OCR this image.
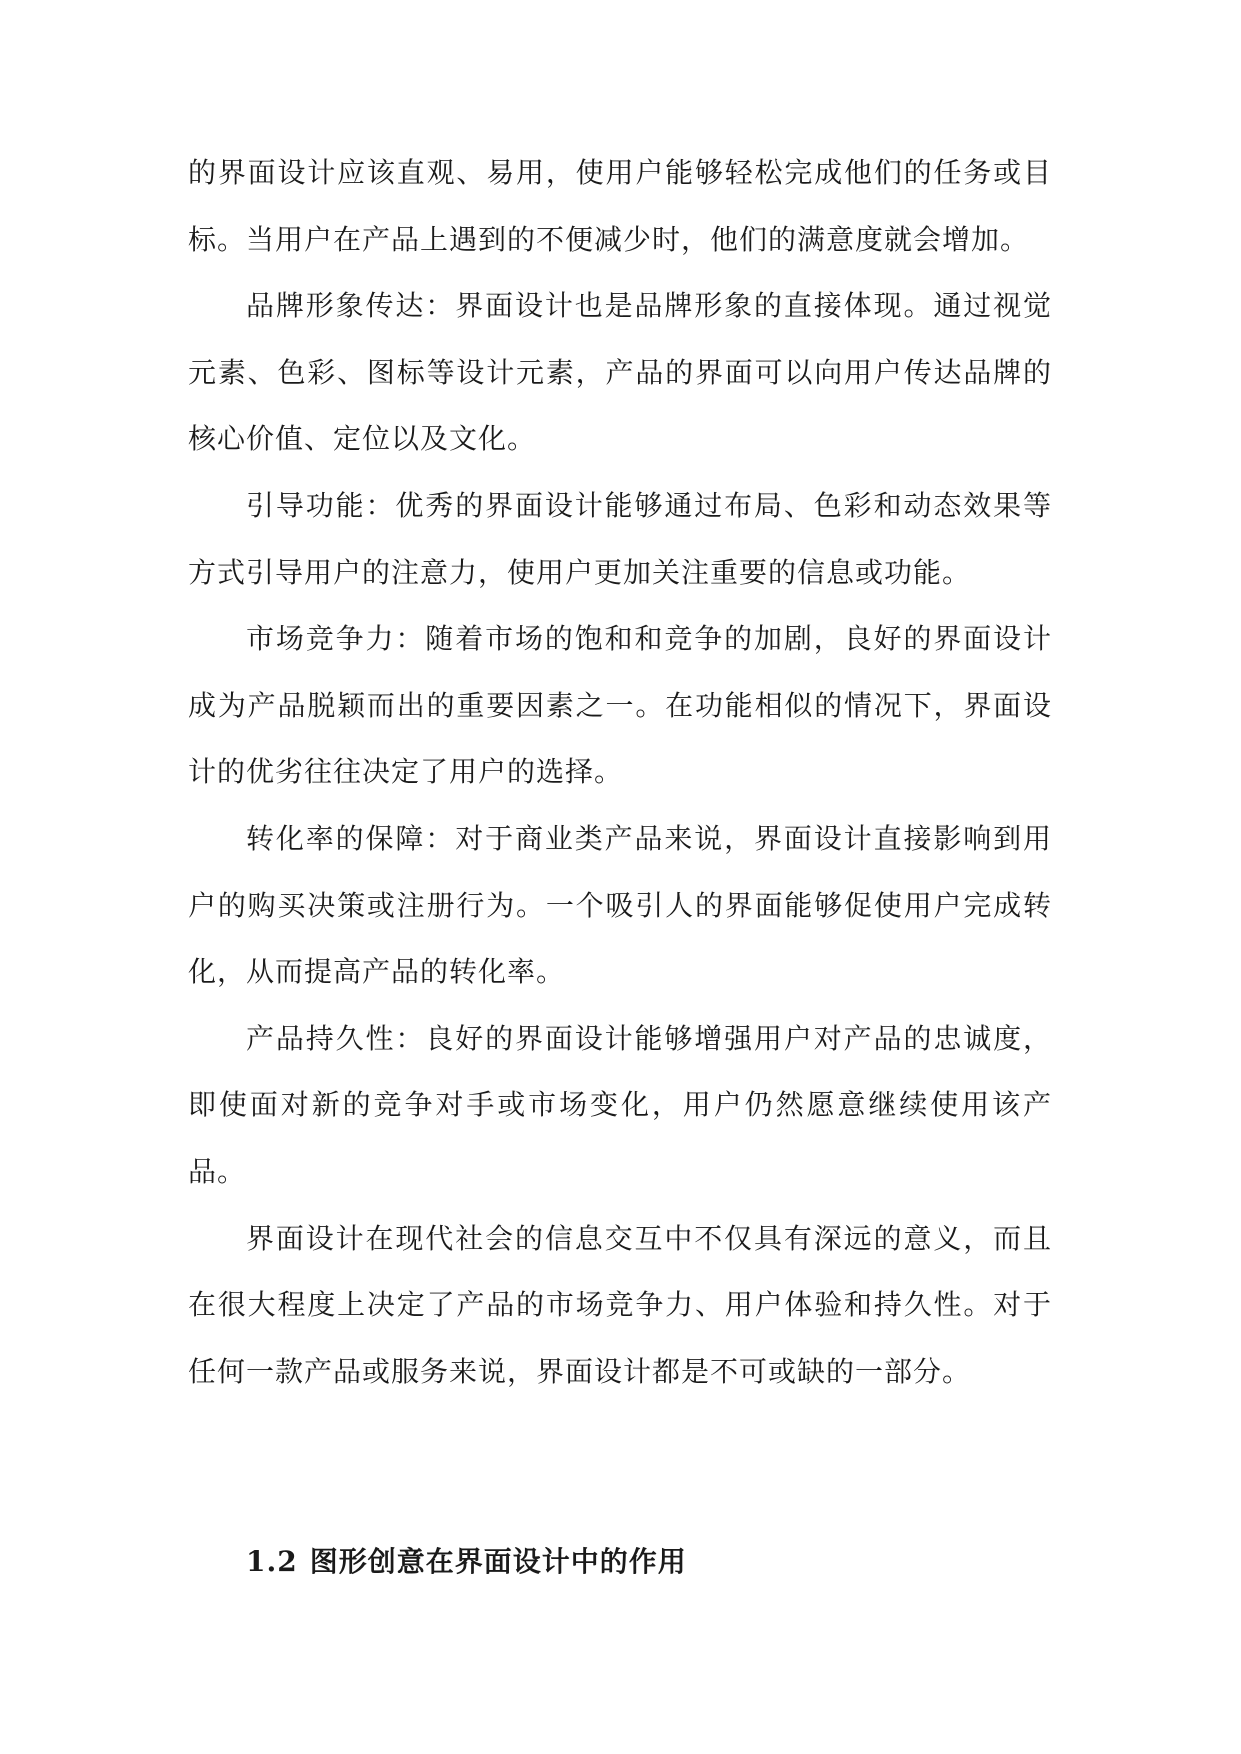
的界面设计应该直观、易用，使用户能够轻松完成他们的任务或目标。当用户在产品上遇到的不便减少时，他们的满意度就会增加。

品牌形象传达：界面设计也是品牌形象的直接体现。通过视觉元素、色彩、图标等设计元素，产品的界面可以向用户传达品牌的核心价值、定位以及文化。

引导功能：优秀的界面设计能够通过布局、色彩和动态效果等方式引导用户的注意力，使用户更加关注重要的信息或功能。

市场竞争力：随着市场的饱和和竞争的加剧，良好的界面设计成为产品脱颖而出的重要因素之一。在功能相似的情况下，界面设计的优劣往往决定了用户的选择。

转化率的保障：对于商业类产品来说，界面设计直接影响到用户的购买决策或注册行为。一个吸引人的界面能够促使用户完成转化，从而提高产品的转化率。

产品持久性：良好的界面设计能够增强用户对产品的忠诚度，即使面对新的竞争对手或市场变化，用户仍然愿意继续使用该产品。

界面设计在现代社会的信息交互中不仅具有深远的意义，而且在很大程度上决定了产品的市场竞争力、用户体验和持久性。对于任何一款产品或服务来说，界面设计都是不可或缺的一部分。

1.2 图形创意在界面设计中的作用
